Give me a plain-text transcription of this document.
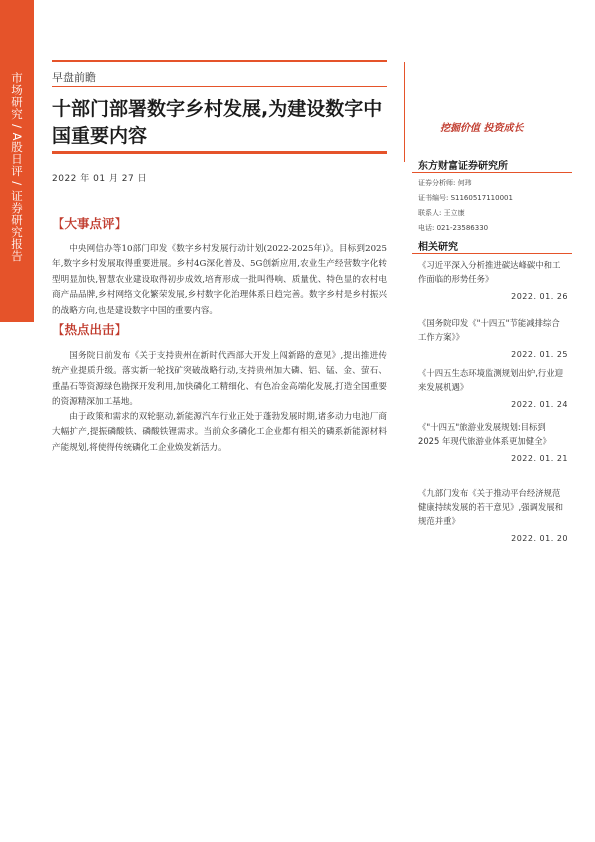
市场研究 / A股日评 / 证券研究报告	早盘前瞻
十部门部署数字乡村发展,为建设数字中国重要内容	挖掘价值 投资成长
2022 年 01 月 27 日
【大事点评】

中央网信办等10部门印发《数字乡村发展行动计划(2022-2025年)》。目标到2025年,数字乡村发展取得重要进展。乡村4G深化普及、5G创新应用,农业生产经营数字化转型明显加快,智慧农业建设取得初步成效,培育形成一批叫得响、质量优、特色显的农村电商产品品牌,乡村网络文化繁荣发展,乡村数字化治理体系日趋完善。数字乡村是乡村振兴的战略方向,也是建设数字中国的重要内容。

【热点出击】

国务院日前发布《关于支持贵州在新时代西部大开发上闯新路的意见》,提出推进传统产业提质升级。落实新一轮找矿突破战略行动,支持贵州加大磷、铝、锰、金、萤石、重晶石等资源绿色勘探开发利用,加快磷化工精细化、有色冶金高端化发展,打造全国重要的资源精深加工基地。

由于政策和需求的双轮驱动,新能源汽车行业正处于蓬勃发展时期,诸多动力电池厂商大幅扩产,提振磷酸铁、磷酸铁锂需求。当前众多磷化工企业都有相关的磷系新能源材料产能规划,将使得传统磷化工企业焕发新活力。

东方财富证券研究所
证券分析师: 何玮
证书编号: S1160517110001
联系人: 王立康
电话: 021-23586330
相关研究
《习近平深入分析推进碳达峰碳中和工作面临的形势任务》
2022. 01. 26
《国务院印发《"十四五"节能减排综合工作方案》》
2022. 01. 25
《十四五生态环境监测规划出炉,行业迎来发展机遇》
2022. 01. 24
《"十四五"旅游业发展规划:目标到 2025 年现代旅游业体系更加健全》
2022. 01. 21
《九部门发布《关于推动平台经济规范健康持续发展的若干意见》,强调发展和规范并重》
2022. 01. 20
